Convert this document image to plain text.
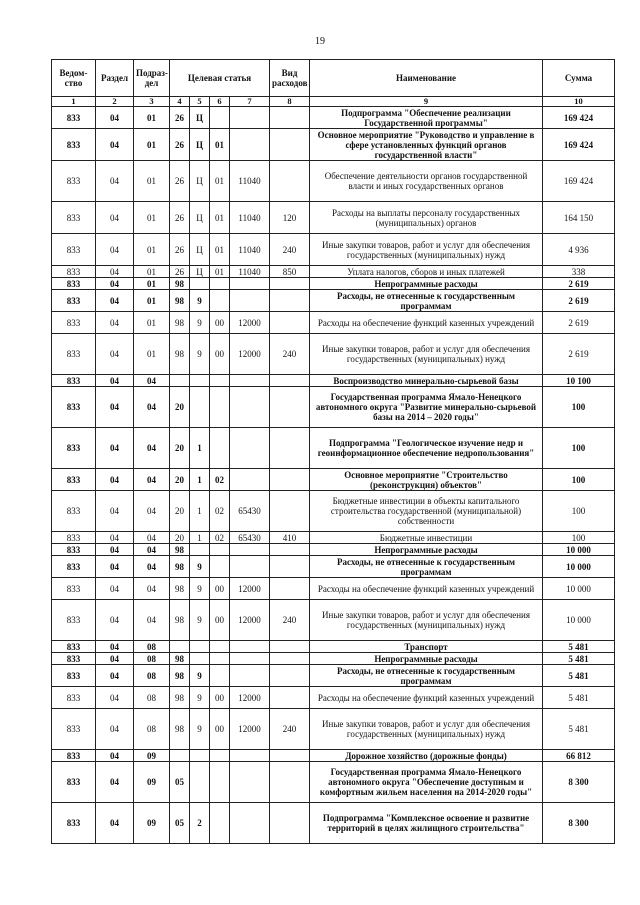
19
Ведом-
ство	Раздел	Подраз-
дел	Целевая статья				Вид
расходов	Наименование	Сумма
1	2	3	4	5	6	7	8	9	10
833	04	01	26	Ц				Подпрограмма "Обеспечение реализации Государственной программы"	169 424
833	04	01	26	Ц	01			Основное мероприятие "Руководство и управление в сфере установленных функций органов государственной власти"	169 424
833	04	01	26	Ц	01	11040		Обеспечение деятельности органов государственной власти и иных государственных органов	169 424
833	04	01	26	Ц	01	11040	120	Расходы на выплаты персоналу государственных (муниципальных) органов	164 150
833	04	01	26	Ц	01	11040	240	Иные закупки товаров, работ и услуг для обеспечения государственных (муниципальных) нужд	4 936
833	04	01	26	Ц	01	11040	850	Уплата налогов, сборов и иных платежей	338
833	04	01	98					Непрограммные расходы	2 619
833	04	01	98	9				Расходы, не отнесенные к государственным программам	2 619
833	04	01	98	9	00	12000		Расходы на обеспечение функций казенных учреждений	2 619
833	04	01	98	9	00	12000	240	Иные закупки товаров, работ и услуг для обеспечения государственных (муниципальных) нужд	2 619
833	04	04						Воспроизводство минерально-сырьевой базы	10 100
833	04	04	20					Государственная программа Ямало-Ненецкого автономного округа "Развитие минерально-сырьевой базы на 2014 – 2020 годы"	100
833	04	04	20	1				Подпрограмма "Геологическое изучение недр и геоинформационное обеспечение недропользования"	100
833	04	04	20	1	02			Основное мероприятие "Строительство (реконструкция) объектов"	100
833	04	04	20	1	02	65430		Бюджетные инвестиции в объекты капитального строительства государственной (муниципальной) собственности	100
833	04	04	20	1	02	65430	410	Бюджетные инвестиции	100
833	04	04	98					Непрограммные расходы	10 000
833	04	04	98	9				Расходы, не отнесенные к государственным программам	10 000
833	04	04	98	9	00	12000		Расходы на обеспечение функций казенных учреждений	10 000
833	04	04	98	9	00	12000	240	Иные закупки товаров, работ и услуг для обеспечения государственных (муниципальных) нужд	10 000
833	04	08						Транспорт	5 481
833	04	08	98					Непрограммные расходы	5 481
833	04	08	98	9				Расходы, не отнесенные к государственным программам	5 481
833	04	08	98	9	00	12000		Расходы на обеспечение функций казенных учреждений	5 481
833	04	08	98	9	00	12000	240	Иные закупки товаров, работ и услуг для обеспечения государственных (муниципальных) нужд	5 481
833	04	09						Дорожное хозяйство (дорожные фонды)	66 812
833	04	09	05					Государственная программа Ямало-Ненецкого автономного округа "Обеспечение доступным и комфортным жильем населения на 2014-2020 годы"	8 300
833	04	09	05	2				Подпрограмма "Комплексное освоение и развитие территорий в целях жилищного строительства"	8 300
